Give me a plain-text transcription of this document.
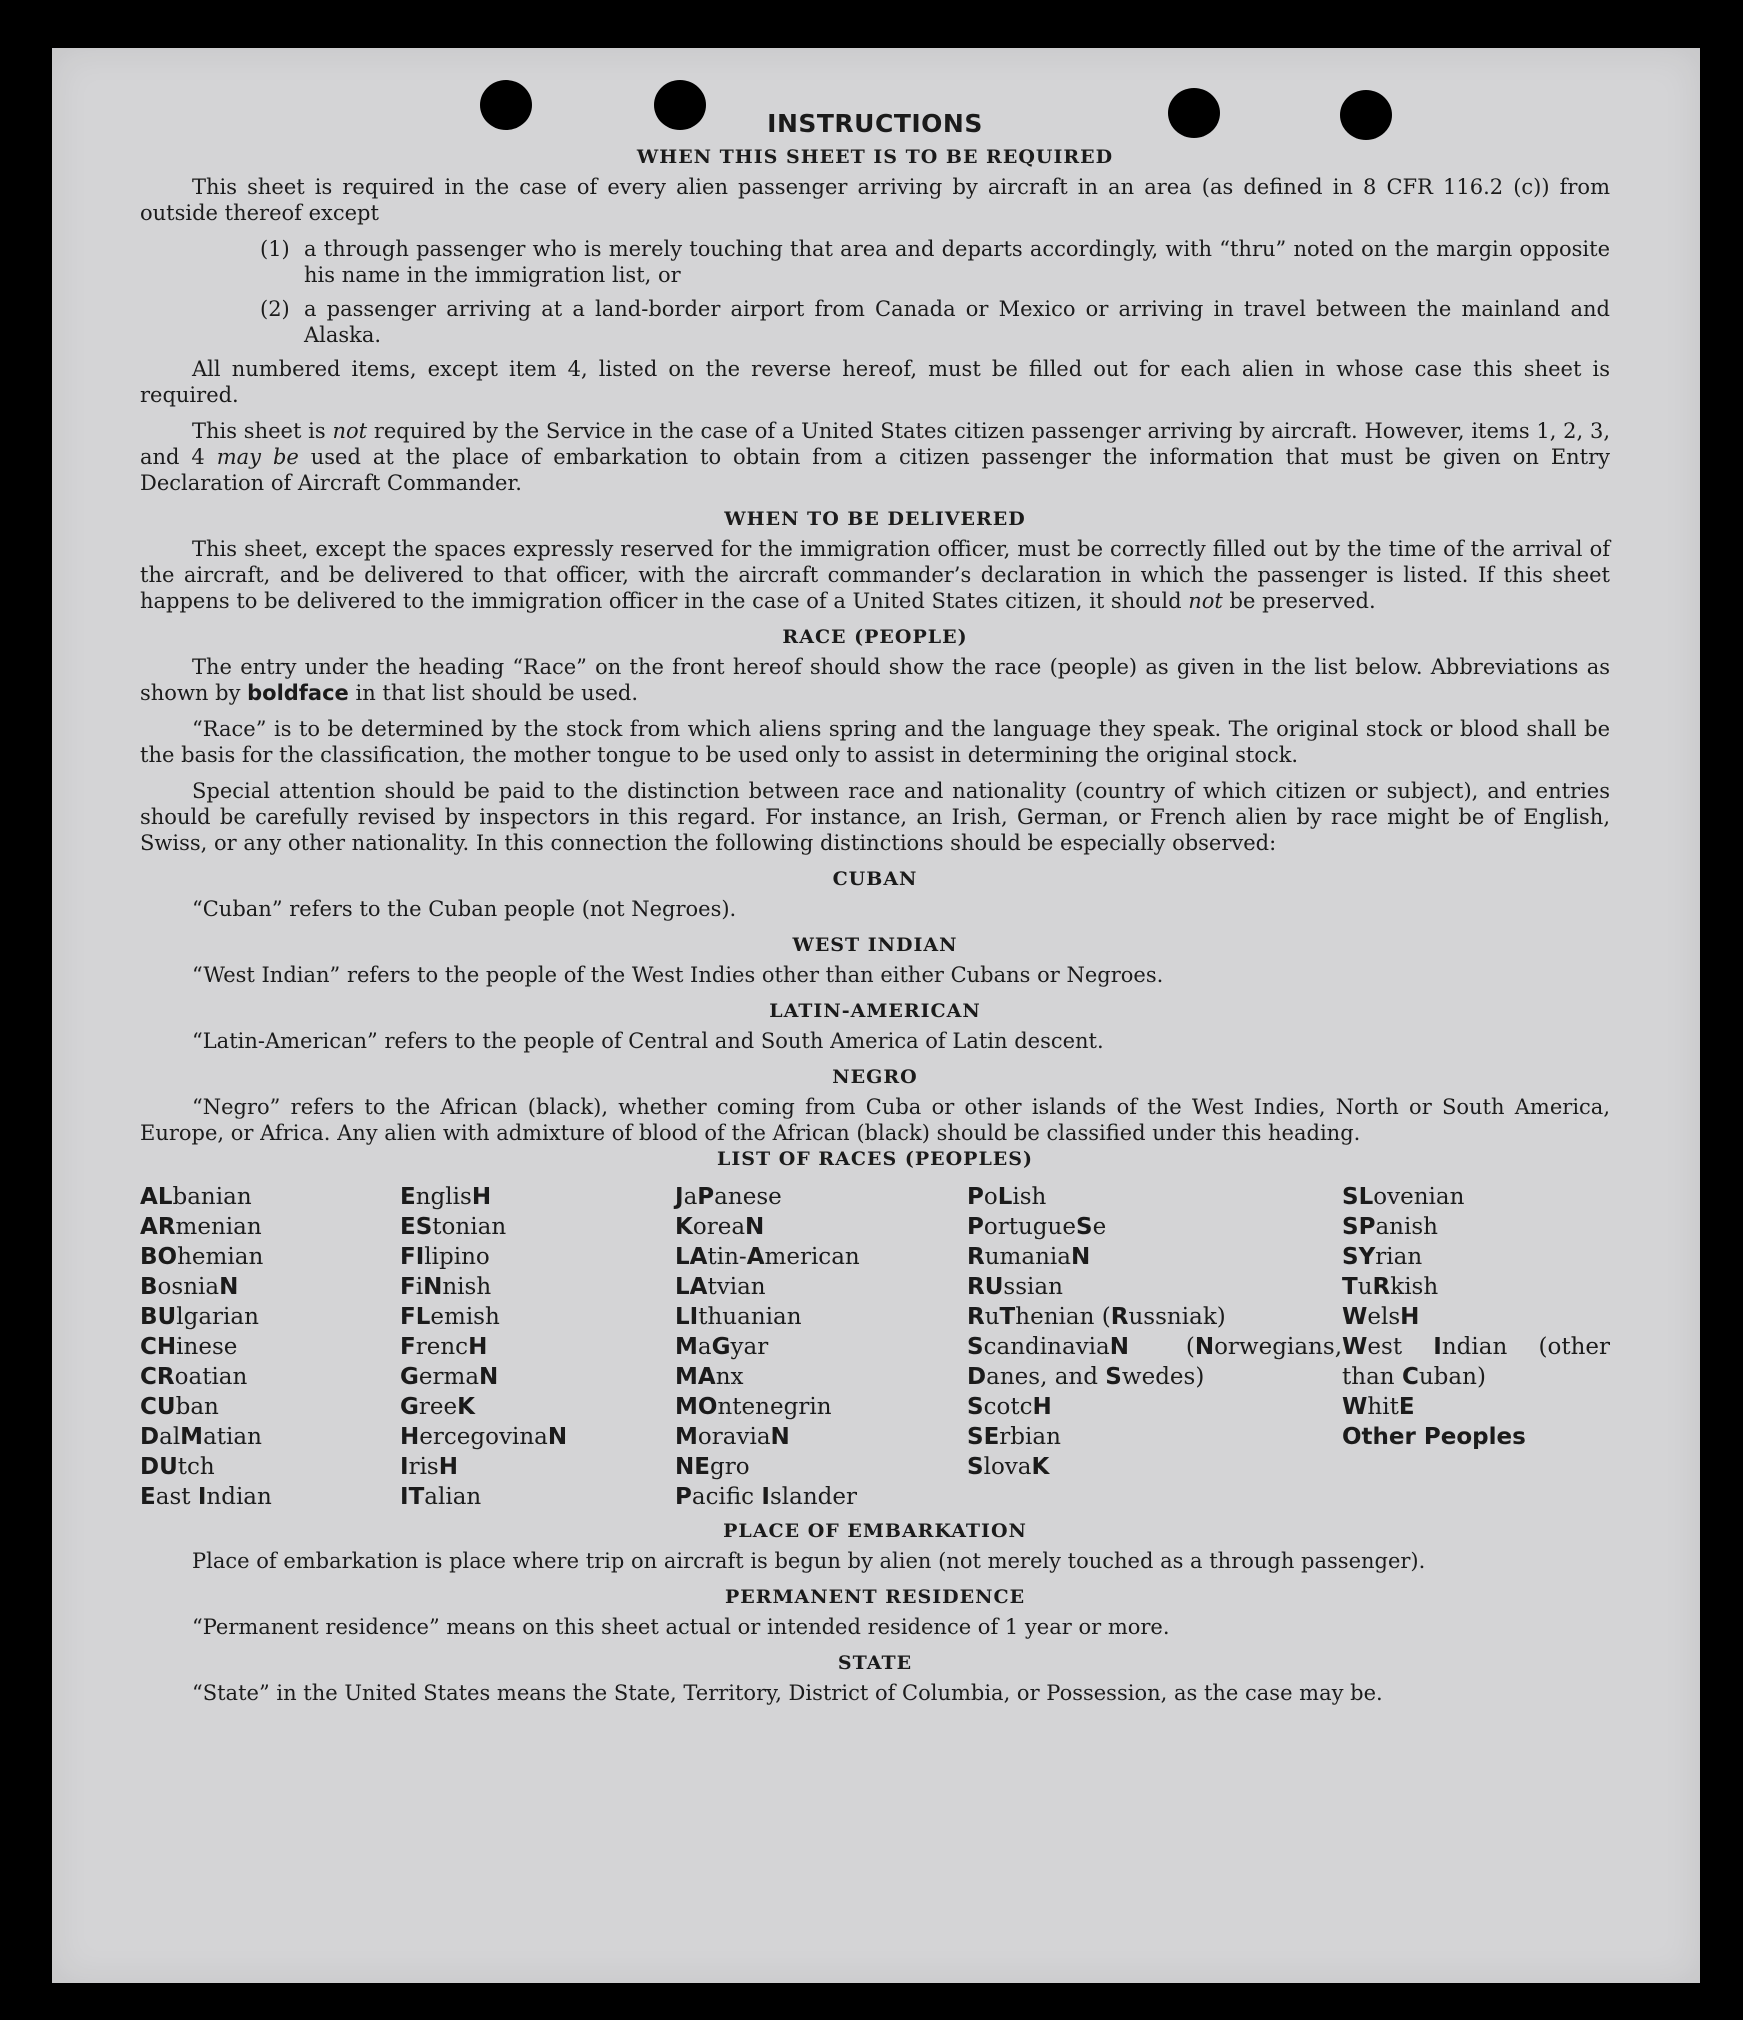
INSTRUCTIONS
WHEN THIS SHEET IS TO BE REQUIRED

This sheet is required in the case of every alien passenger arriving by aircraft in an area (as defined in 8 CFR 116.2 (c)) from outside thereof except

(1) a through passenger who is merely touching that area and departs accordingly, with “thru” noted on the margin opposite his name in the immigration list, or
(2) a passenger arriving at a land-border airport from Canada or Mexico or arriving in travel between the mainland and Alaska.

All numbered items, except item 4, listed on the reverse hereof, must be filled out for each alien in whose case this sheet is required.

This sheet is not required by the Service in the case of a United States citizen passenger arriving by aircraft. However, items 1, 2, 3, and 4 may be used at the place of embarkation to obtain from a citizen passenger the information that must be given on Entry Declaration of Aircraft Commander.

WHEN TO BE DELIVERED

This sheet, except the spaces expressly reserved for the immigration officer, must be correctly filled out by the time of the arrival of the aircraft, and be delivered to that officer, with the aircraft commander’s declaration in which the passenger is listed. If this sheet happens to be delivered to the immigration officer in the case of a United States citizen, it should not be preserved.

RACE (PEOPLE)

The entry under the heading “Race” on the front hereof should show the race (people) as given in the list below. Abbreviations as shown by boldface in that list should be used.

“Race” is to be determined by the stock from which aliens spring and the language they speak. The original stock or blood shall be the basis for the classification, the mother tongue to be used only to assist in determining the original stock.

Special attention should be paid to the distinction between race and nationality (country of which citizen or subject), and entries should be carefully revised by inspectors in this regard. For instance, an Irish, German, or French alien by race might be of English, Swiss, or any other nationality. In this connection the following distinctions should be especially observed:

CUBAN

“Cuban” refers to the Cuban people (not Negroes).

WEST INDIAN

“West Indian” refers to the people of the West Indies other than either Cubans or Negroes.

LATIN-AMERICAN

“Latin-American” refers to the people of Central and South America of Latin descent.

NEGRO

“Negro” refers to the African (black), whether coming from Cuba or other islands of the West Indies, North or South America, Europe, or Africa. Any alien with admixture of blood of the African (black) should be classified under this heading.

LIST OF RACES (PEOPLES)
ALbanian
ARmenian
BOhemian
BosniaN
BUlgarian
CHinese
CRoatian
CUban
DalMatian
DUtch
East Indian
EnglisH
EStonian
FIlipino
FiNnish
FLemish
FrencH
GermaN
GreeK
HercegovinaN
IrisH
ITalian
JaPanese
KoreaN
LAtin-American
LAtvian
LIthuanian
MaGyar
MAnx
MOntenegrin
MoraviaN
NEgro
Pacifc Islander
PoLish
PortugueSe
RumaniaN
RUssian
RuThenian (Russniak)
ScandinaviaN (Norwegians, Danes, and Swedes)
ScotcH
SErbian
SlovaK
SLovenian
SPanish
SYrian
TuRkish
WelsH
West Indian (other than Cuban)
WhitE
Other Peoples
PLACE OF EMBARKATION

Place of embarkation is place where trip on aircraft is begun by alien (not merely touched as a through passenger).

PERMANENT RESIDENCE

“Permanent residence” means on this sheet actual or intended residence of 1 year or more.

STATE

“State” in the United States means the State, Territory, District of Columbia, or Possession, as the case may be.
